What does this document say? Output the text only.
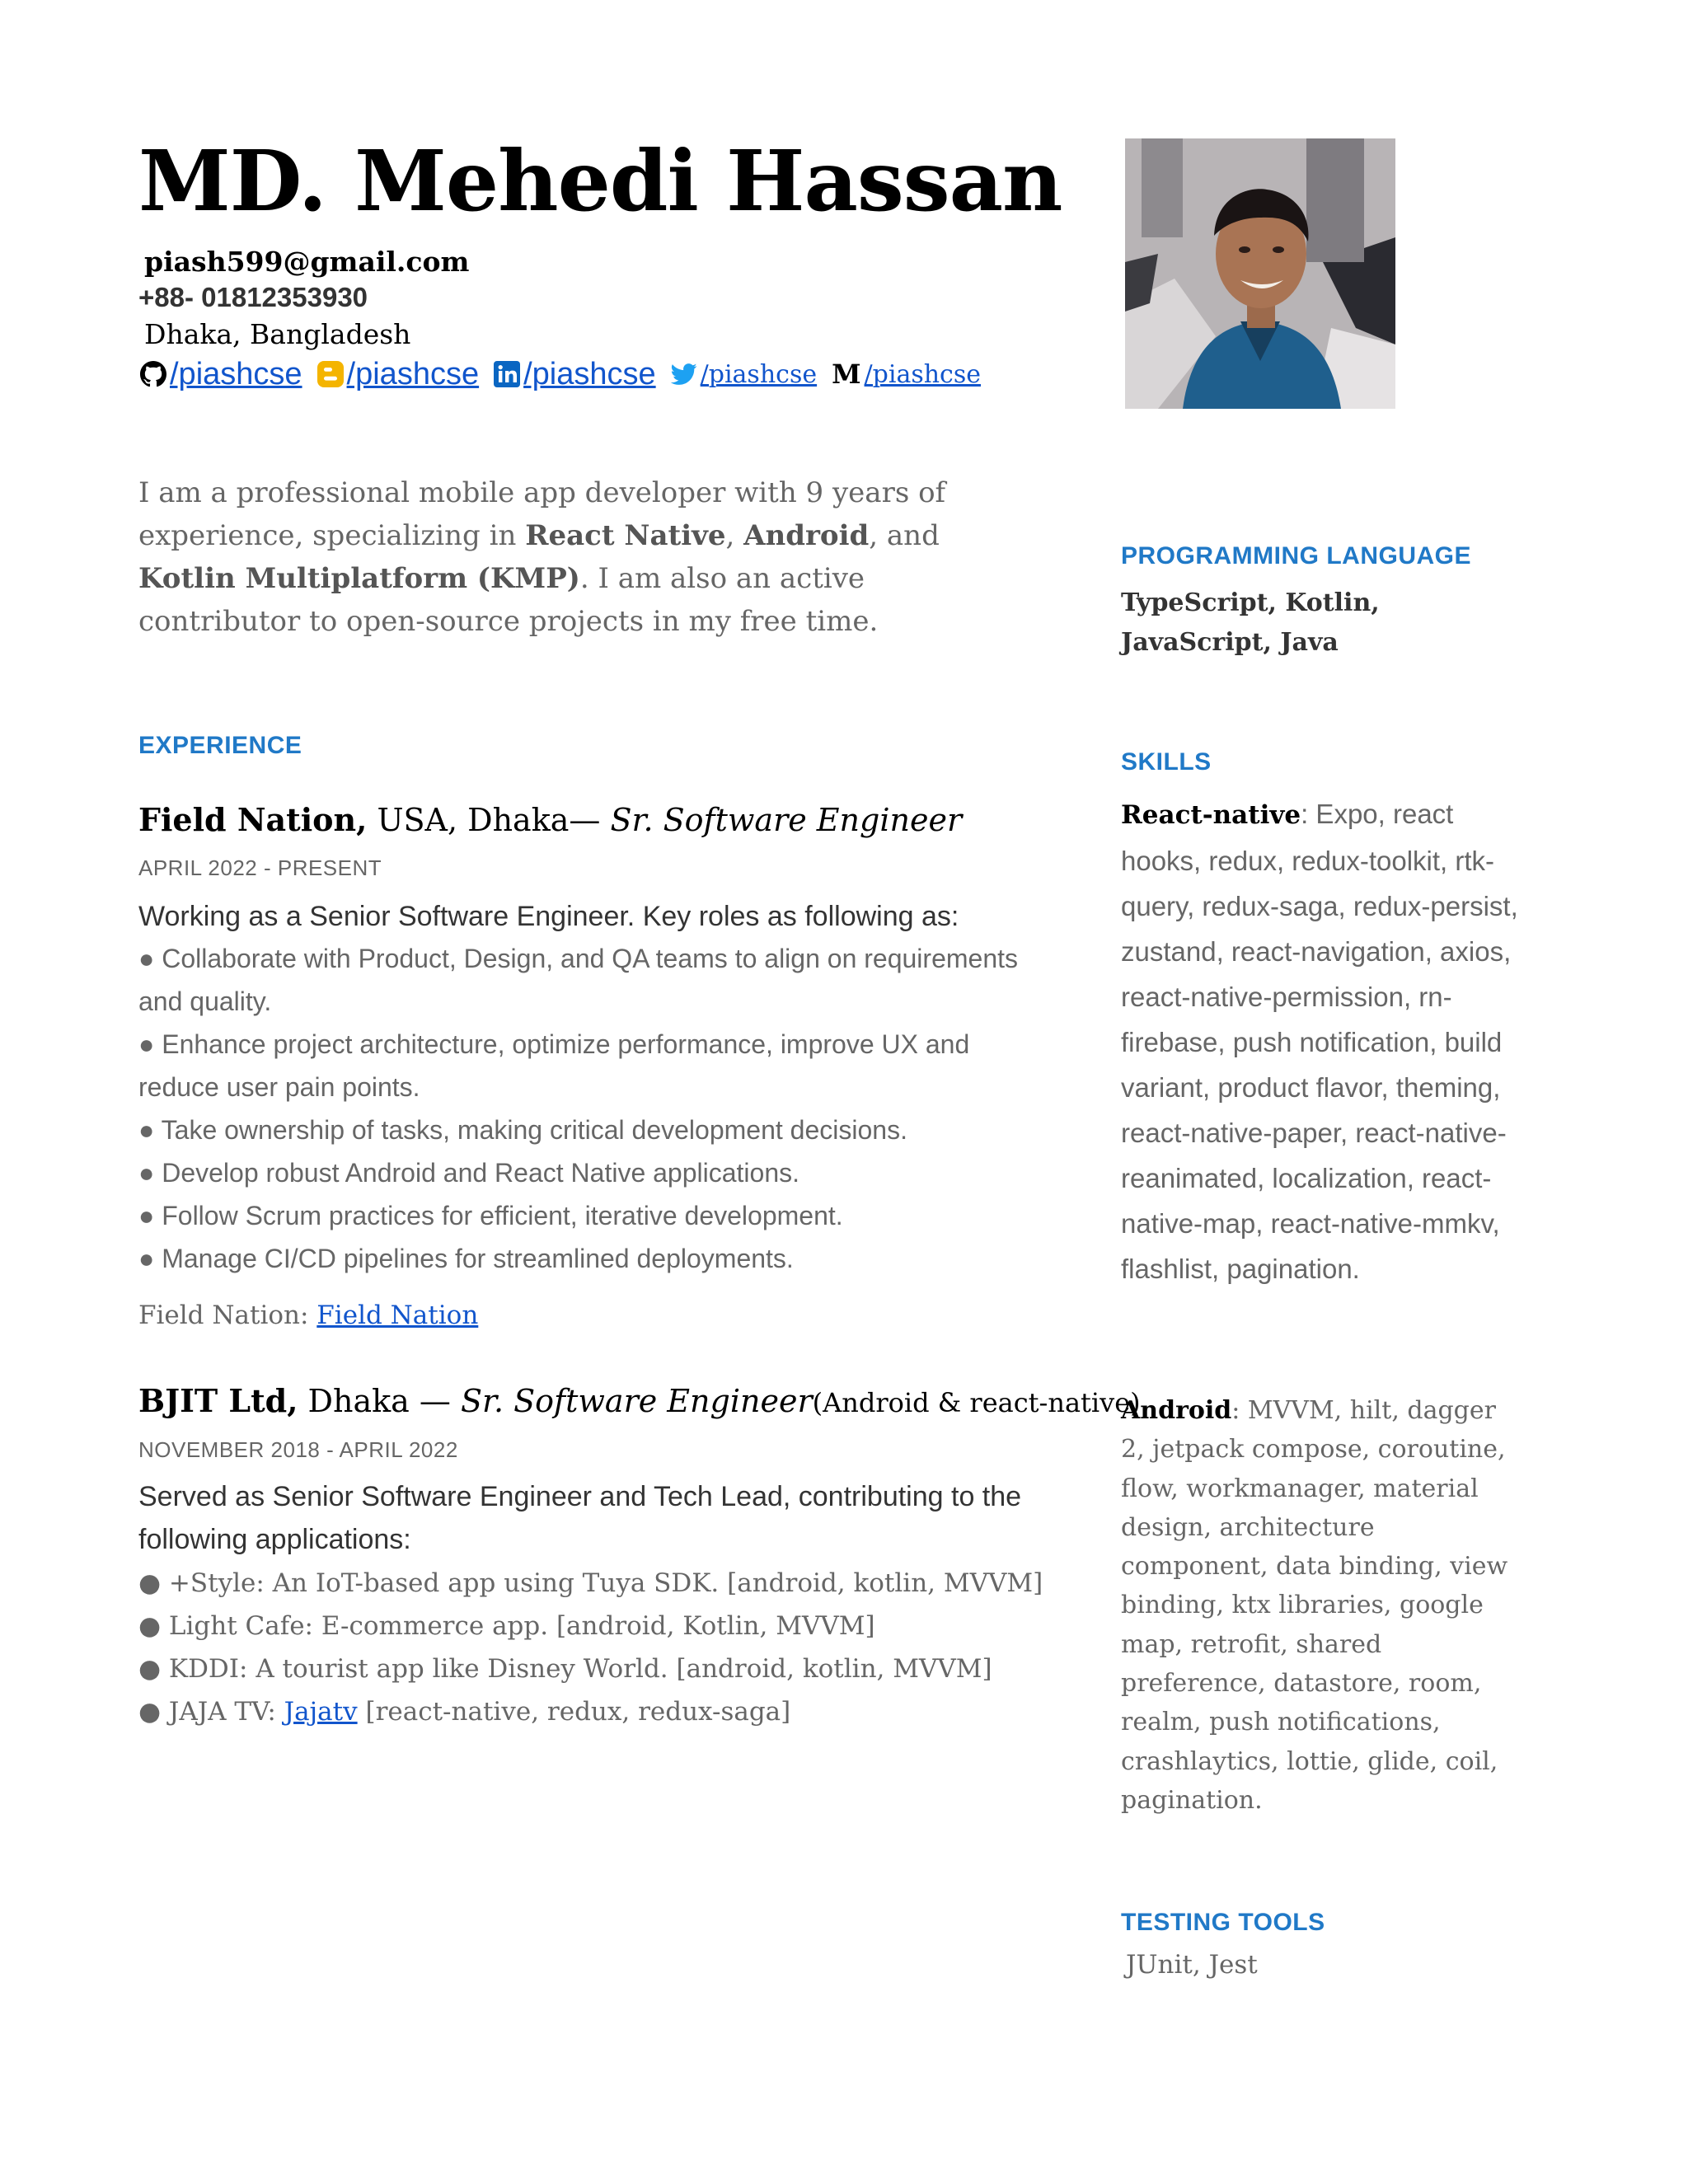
MD. Mehedi Hassan
piash599@gmail.com
+88- 01812353930
Dhaka, Bangladesh
/piashcse /piashcse /piashcse /piashcse M /piashcse
I am a professional mobile app developer with 9 years of experience, specializing in React Native, Android, and Kotlin Multiplatform (KMP). I am also an active contributor to open-source projects in my free time.
EXPERIENCE
Field Nation, USA, Dhaka— Sr. Software Engineer
APRIL 2022 - PRESENT
Working as a Senior Software Engineer. Key roles as following as:
● Collaborate with Product, Design, and QA teams to align on requirements and quality.
● Enhance project architecture, optimize performance, improve UX and reduce user pain points.
● Take ownership of tasks, making critical development decisions.
● Develop robust Android and React Native applications.
● Follow Scrum practices for efficient, iterative development.
● Manage CI/CD pipelines for streamlined deployments.
Field Nation: Field Nation
BJIT Ltd, Dhaka — Sr. Software Engineer(Android & react-native)
NOVEMBER 2018 - APRIL 2022
Served as Senior Software Engineer and Tech Lead, contributing to the following applications:
● +Style: An IoT-based app using Tuya SDK. [android, kotlin, MVVM]
● Light Cafe: E-commerce app. [android, Kotlin, MVVM]
● KDDI: A tourist app like Disney World. [android, kotlin, MVVM]
● JAJA TV: Jajatv [react-native, redux, redux-saga]
PROGRAMMING LANGUAGE
TypeScript, Kotlin, JavaScript, Java
SKILLS
React-native: Expo, react hooks, redux, redux-toolkit, rtk-query, redux-saga, redux-persist, zustand, react-navigation, axios, react-native-permission, rn-firebase, push notification, build variant, product flavor, theming, react-native-paper, react-native-reanimated, localization, react-native-map, react-native-mmkv, flashlist, pagination.
Android: MVVM, hilt, dagger 2, jetpack compose, coroutine, flow, workmanager, material design, architecture component, data binding, view binding, ktx libraries, google map, retrofit, shared preference, datastore, room, realm, push notifications, crashlaytics, lottie, glide, coil, pagination.
TESTING TOOLS
JUnit, Jest
